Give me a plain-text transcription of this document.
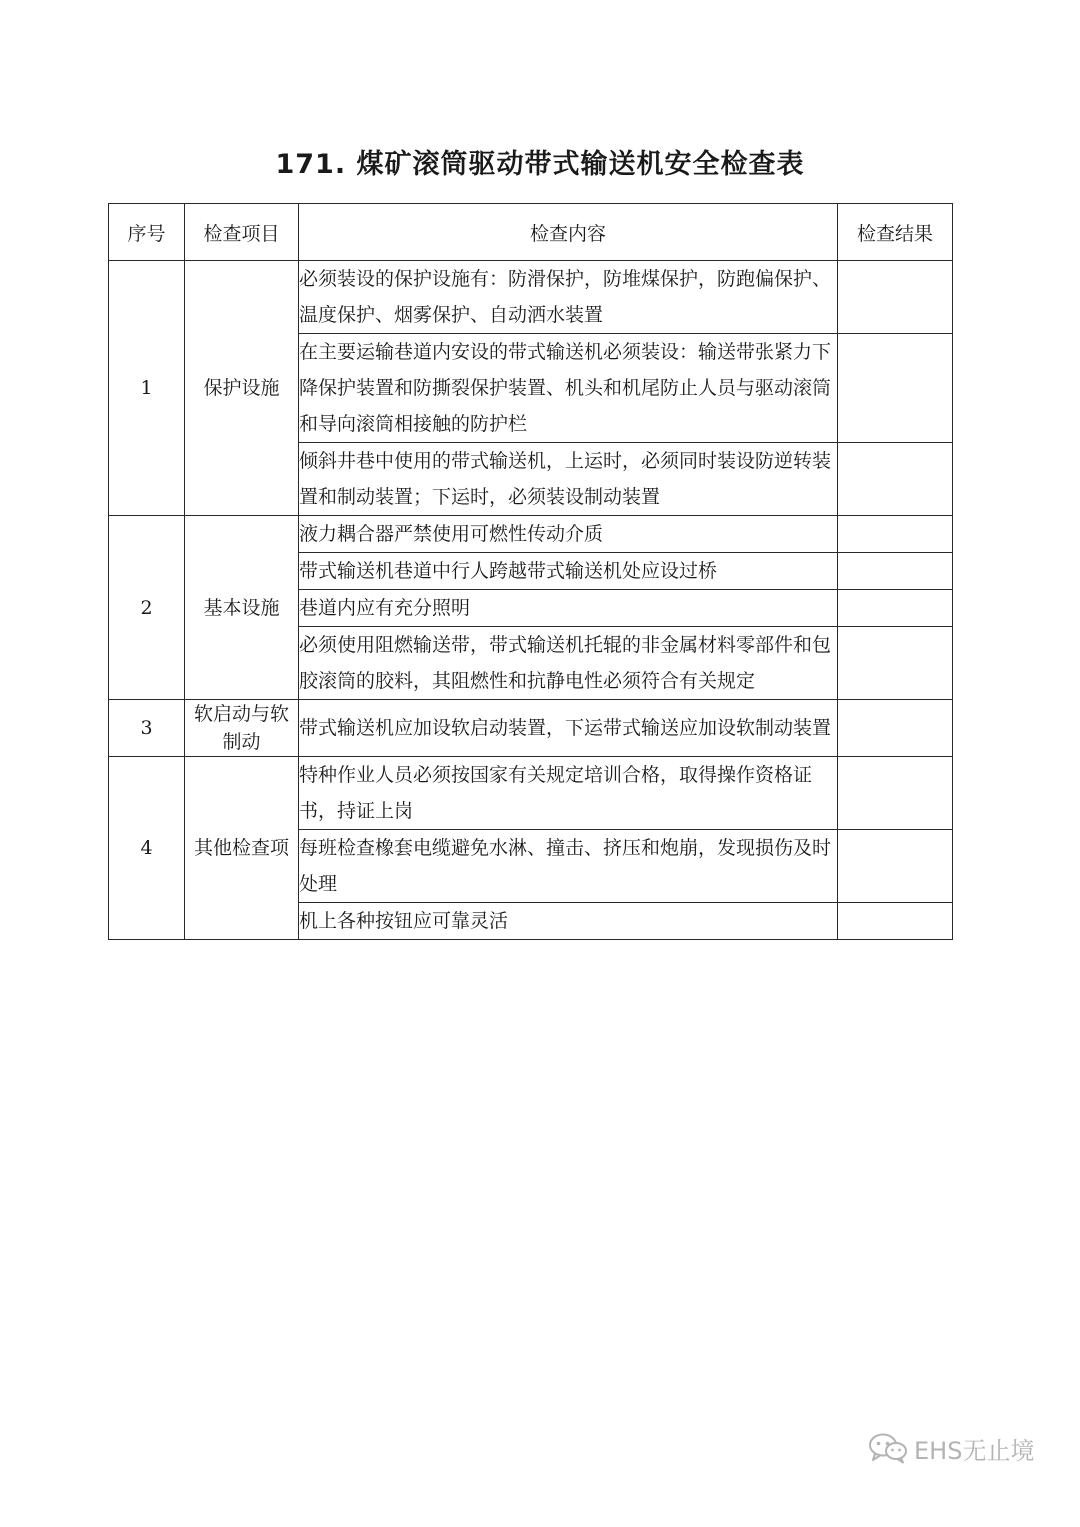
171. 煤矿滚筒驱动带式输送机安全检查表
序号	检查项目	检查内容	检查结果
1	保护设施	必须装设的保护设施有：防滑保护，防堆煤保护，防跑偏保护、温度保护、烟雾保护、自动洒水装置	
		在主要运输巷道内安设的带式输送机必须装设：输送带张紧力下降保护装置和防撕裂保护装置、机头和机尾防止人员与驱动滚筒和导向滚筒相接触的防护栏	
		倾斜井巷中使用的带式输送机，上运时，必须同时装设防逆转装置和制动装置；下运时，必须装设制动装置	
2	基本设施	液力耦合器严禁使用可燃性传动介质	
		带式输送机巷道中行人跨越带式输送机处应设过桥	
		巷道内应有充分照明	
		必须使用阻燃输送带，带式输送机托辊的非金属材料零部件和包胶滚筒的胶料，其阻燃性和抗静电性必须符合有关规定	
3	软启动与软制动	带式输送机应加设软启动装置，下运带式输送应加设软制动装置	
4	其他检查项	特种作业人员必须按国家有关规定培训合格，取得操作资格证书，持证上岗	
		每班检查橡套电缆避免水淋、撞击、挤压和炮崩，发现损伤及时处理	
		机上各种按钮应可靠灵活	
EHS无止境
